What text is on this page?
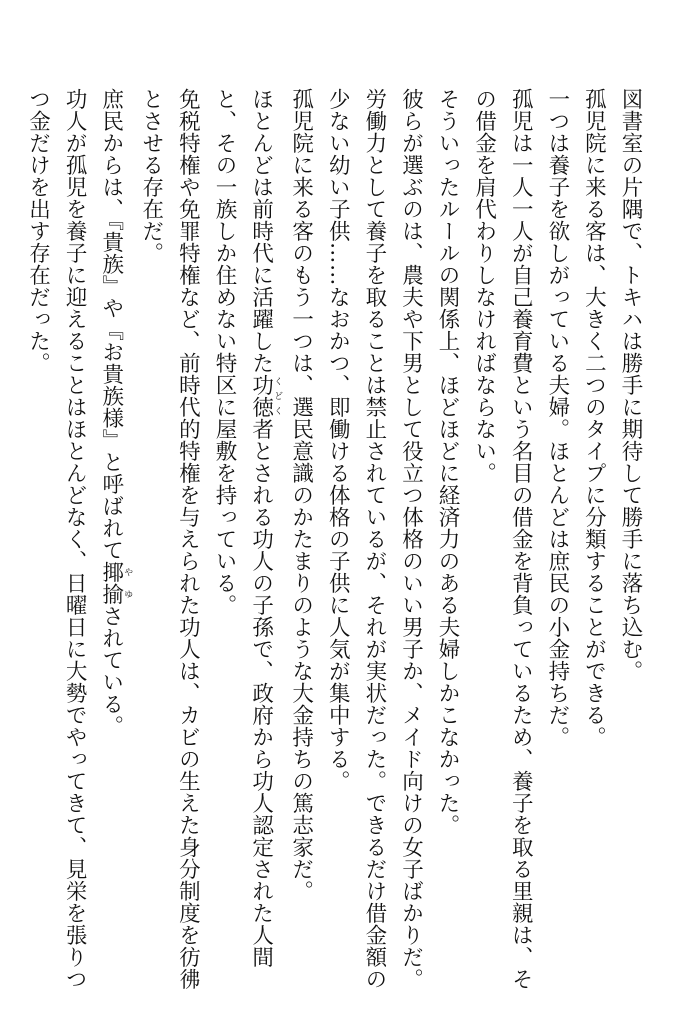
図書室の片隅で、トキハは勝手に期待して勝手に落ち込む。
孤児院に来る客は、大きく二つのタイプに分類することができる。
一つは養子を欲しがっている夫婦。ほとんどは庶民の小金持ちだ。
孤児は一人一人が自己養育費という名目の借金を背負っているため、養子を取る里親は、そ
の借金を肩代わりしなければならない。
そういったルールの関係上、ほどほどに経済力のある夫婦しかこなかった。
彼らが選ぶのは、農夫や下男として役立つ体格のいい男子か、メイド向けの女子ばかりだ。
労働力として養子を取ることは禁止されているが、それが実状だった。できるだけ借金額の
少ない幼い子供……なおかつ、即働ける体格の子供に人気が集中する。
孤児院に来る客のもう一つは、選民意識のかたまりのような大金持ちの篤志家だ。
ほとんどは前時代に活躍した功徳くどく者とされる功人の子孫で、政府から功人認定された人間
と、その一族しか住めない特区に屋敷を持っている。
免税特権や免罪特権など、前時代的特権を与えられた功人は、カビの生えた身分制度を彷彿
とさせる存在だ。
庶民からは、『貴族』や『お貴族様』と呼ばれて揶揄やゆされている。
功人が孤児を養子に迎えることはほとんどなく、日曜日に大勢でやってきて、見栄を張りつ
つ金だけを出す存在だった。
